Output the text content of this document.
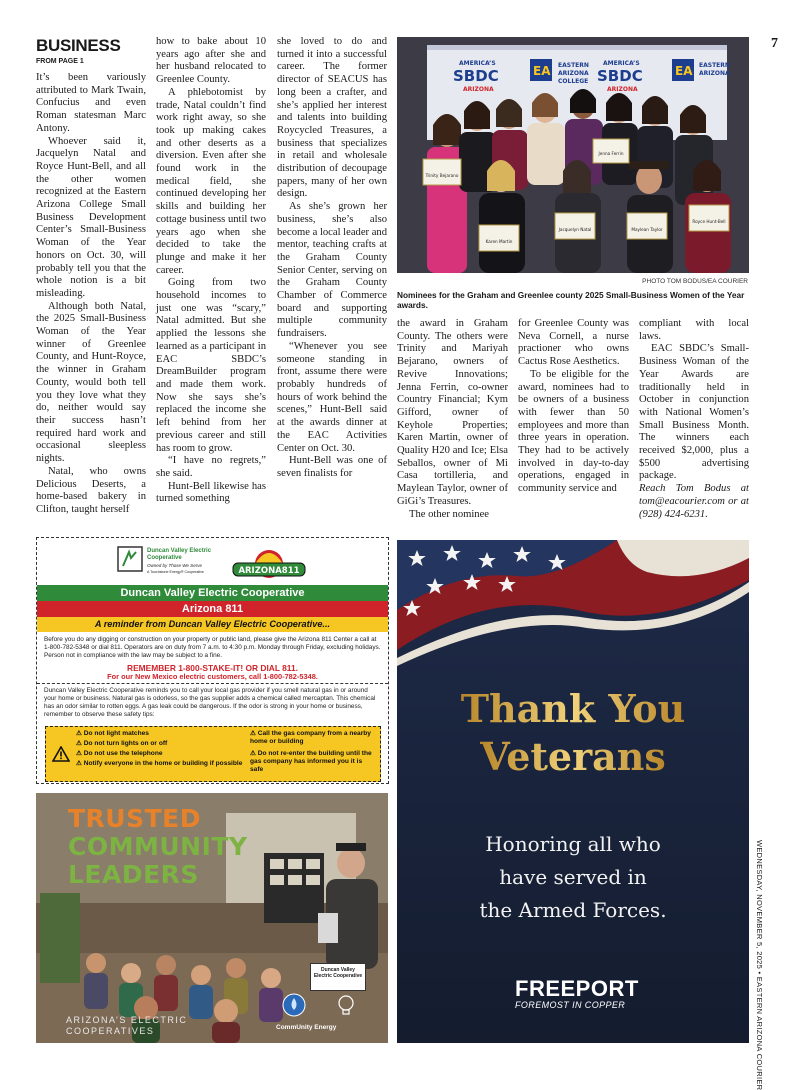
7
WEDNESDAY, NOVEMBER 5, 2025 • EASTERN ARIZONA COURIER
BUSINESS
FROM PAGE 1

It’s been variously attributed to Mark Twain, Confucius and even Roman statesman Marc Antony.

Whoever said it, Jacquelyn Natal and Royce Hunt-Bell, and all the other women recognized at the Eastern Arizona College Small Business Development Center’s Small-Business Woman of the Year honors on Oct. 30, will probably tell you that the whole notion is a bit misleading.

Although both Natal, the 2025 Small-Business Woman of the Year winner of Greenlee County, and Hunt-Royce, the winner in Graham County, would both tell you they love what they do, neither would say their success hasn’t required hard work and occasional sleepless nights.

Natal, who owns Delicious Deserts, a home-based bakery in Clifton, taught herself

how to bake about 10 years ago after she and her husband relocated to Greenlee County.

A phlebotomist by trade, Natal couldn’t find work right away, so she took up making cakes and other deserts as a diversion. Even after she found work in the medical field, she continued developing her skills and building her cottage business until two years ago when she decided to take the plunge and make it her career.

Going from two household incomes to just one was “scary,” Natal admitted. But she applied the lessons she learned as a participant in EAC SBDC’s DreamBuilder program and made them work. Now she says she’s replaced the income she left behind from her previous career and still has room to grow.

“I have no regrets,” she said.

Hunt-Bell likewise has turned something

she loved to do and turned it into a successful career. The former director of SEACUS has long been a crafter, and she’s applied her interest and talents into building Roycycled Treasures, a business that specializes in retail and wholesale distribution of decoupage papers, many of her own design.

As she’s grown her business, she’s also become a local leader and mentor, teaching crafts at the Graham County Senior Center, serving on the Graham County Chamber of Commerce board and supporting multiple community fundraisers.

“Whenever you see someone standing in front, assume there were probably hundreds of hours of work behind the scenes,” Hunt-Bell said at the awards dinner at the EAC Activities Center on Oct. 30.

Hunt-Bell was one of seven finalists for

the award in Graham County. The others were Trinity and Mariyah Bejarano, owners of Revive Innovations; Jenna Ferrin, co-owner Country Financial; Kym Gifford, owner of Keyhole Properties; Karen Martin, owner of Quality H20 and Ice; Elsa Seballos, owner of Mi Casa tortilleria, and Maylean Taylor, owner of GiGi’s Treasures.

The other nominee

for Greenlee County was Neva Cornell, a nurse practioner who owns Cactus Rose Aesthetics.

To be eligible for the award, nominees had to be owners of a business with fewer than 50 employees and more than three years in operation. They had to be actively involved in day-to-day operations, engaged in community service and

compliant with local laws.

EAC SBDC’s Small-Business Woman of the Year Awards are traditionally held in October in conjunction with National Women’s Small Business Month. The winners each received $2,000, plus a $500 advertising package.

Reach Tom Bodus at tom@eacourier.com or at (928) 424-6231.

AMERICA’S
SBDC
ARIZONA
EA EASTERN
ARIZONA
COLLEGE
AMERICA’S
SBDC
ARIZONA
EA EASTERN
ARIZONA
Trinity Bejarano
Karen Martin
Jacquelyn Natal	Maylean Taylor
Jenna Ferrin
Royce Hunt-Bell
PHOTO TOM BODUS/EA COURIER
Nominees for the Graham and Greenlee county 2025 Small-Business Women of the Year awards.
Duncan Valley Electric Cooperative
Owned by Those We Serve
A Touchstone Energy® Cooperative	ARIZONA811
Duncan Valley Electric Cooperative
Arizona 811
A reminder from Duncan Valley Electric Cooperative...
Before you do any digging or construction on your property or public land, please give the Arizona 811 Center a call at 1-800-782-5348 or dial 811. Operators are on duty from 7 a.m. to 4:30 p.m. Monday through Friday, excluding holidays. Person not in compliance with the law may be subject to a fine.
REMEMBER 1-800-STAKE-IT! OR DIAL 811.
For our New Mexico electric customers, call 1-800-782-5348.
Duncan Valley Electric Cooperative reminds you to call your local gas provider if you smell natural gas in or around your home or business. Natural gas is odorless, so the gas supplier adds a chemical called mercaptan. This chemical has an odor similar to rotten eggs. A gas leak could be dangerous. If the odor is strong in your home or business, remember to observe these safety tips:
⚠ Do not light matches
⚠ Do not turn lights on or off
⚠ Do not use the telephone
⚠ Notify everyone in the home or building if possible
⚠ Call the gas company from a nearby home or building
⚠ Do not re-enter the building until the gas company has informed you it is safe
TRUSTED
COMMUNITY
LEADERS
ARIZONA’S ELECTRIC
COOPERATIVES
Duncan Valley
Electric Cooperative
CommUnity Energy
Thank You
Veterans
Honoring all who
have served in
the Armed Forces.
FREEPORT
FOREMOST IN COPPER
